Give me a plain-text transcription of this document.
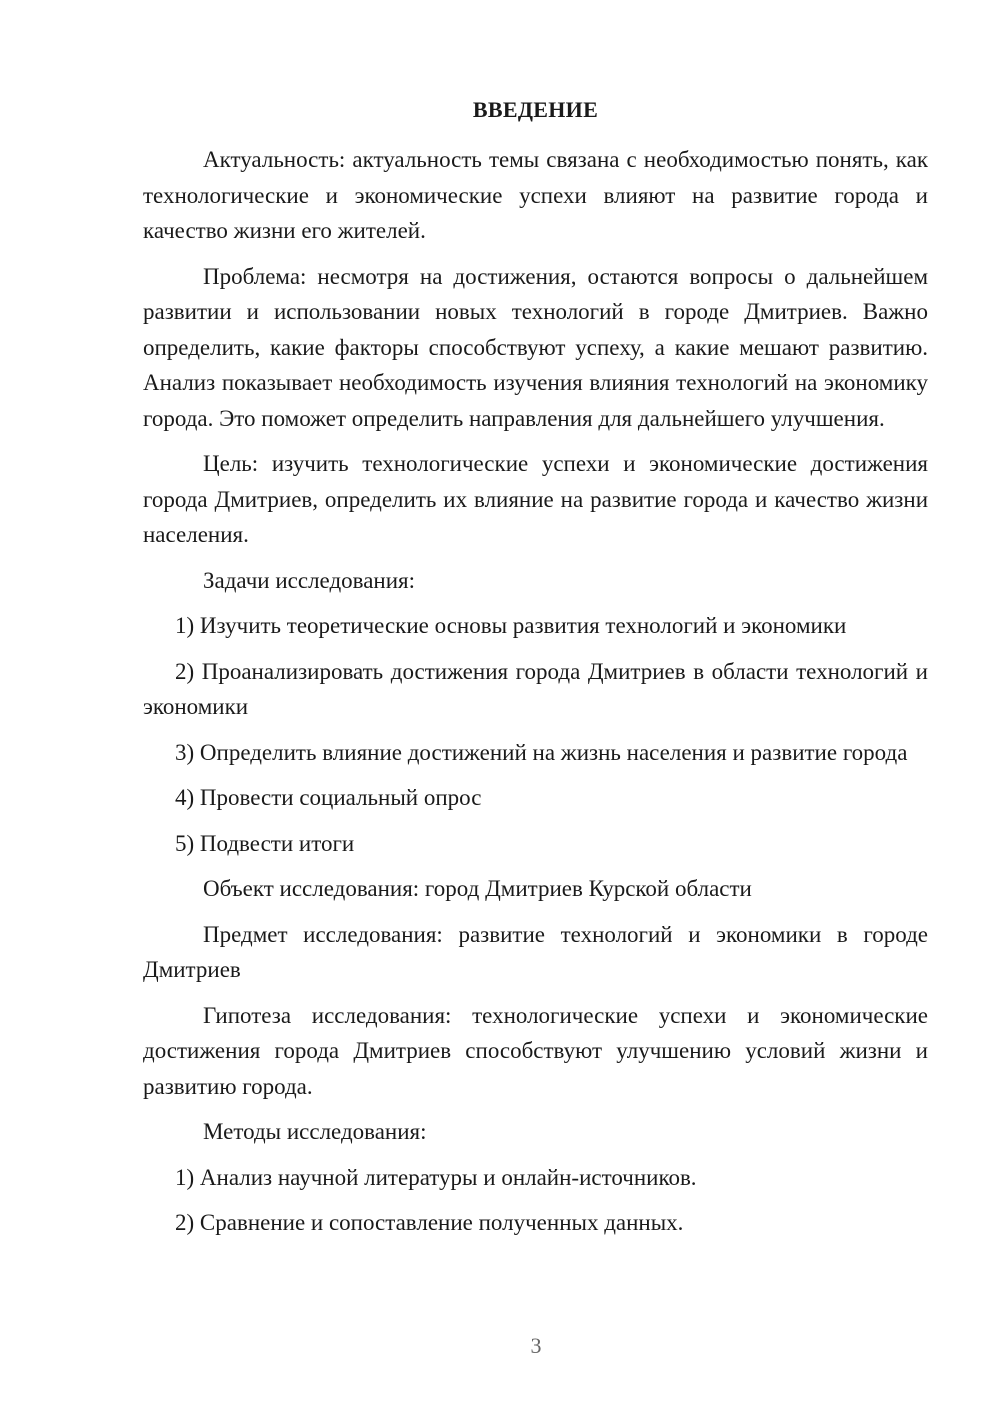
ВВЕДЕНИЕ

Актуальность: актуальность темы связана с необходимостью понять, как технологические и экономические успехи влияют на развитие города и качество жизни его жителей.

Проблема: несмотря на достижения, остаются вопросы о дальнейшем развитии и использовании новых технологий в городе Дмитриев. Важно определить, какие факторы способствуют успеху, а какие мешают развитию. Анализ показывает необходимость изучения влияния технологий на экономику города. Это поможет определить направления для дальнейшего улучшения.

Цель: изучить технологические успехи и экономические достижения города Дмитриев, определить их влияние на развитие города и качество жизни населения.

Задачи исследования:

1) Изучить теоретические основы развития технологий и экономики

2) Проанализировать достижения города Дмитриев в области технологий и экономики

3) Определить влияние достижений на жизнь населения и развитие города

4) Провести социальный опрос

5) Подвести итоги

Объект исследования: город Дмитриев Курской области

Предмет исследования: развитие технологий и экономики в городе Дмитриев

Гипотеза исследования: технологические успехи и экономические достижения города Дмитриев способствуют улучшению условий жизни и развитию города.

Методы исследования:

1) Анализ научной литературы и онлайн-источников.

2) Сравнение и сопоставление полученных данных.

3
